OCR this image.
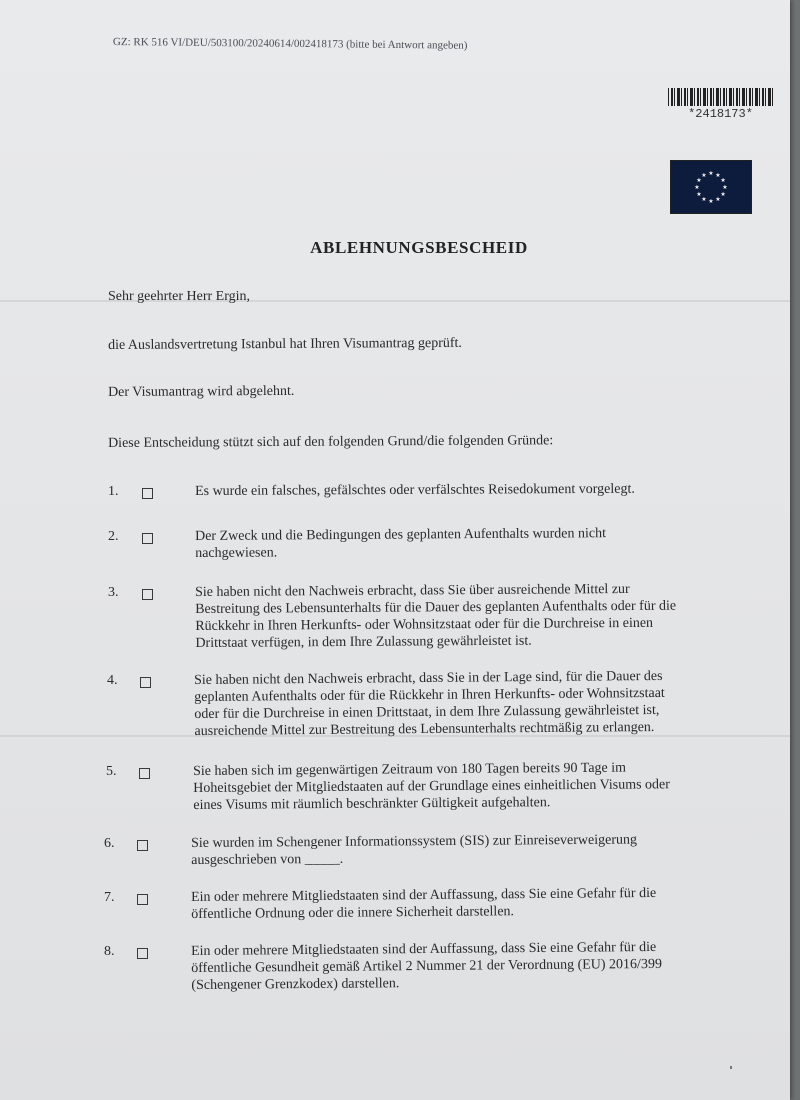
GZ: RK 516 VI/DEU/503100/20240614/002418173 (bitte bei Antwort angeben)
*2418173*
★
★
★
★
★
★
★
★
★ ★ ★
★
ABLEHNUNGSBESCHEID
Sehr geehrter Herr Ergin,
die Auslandsvertretung Istanbul hat Ihren Visumantrag geprüft.
Der Visumantrag wird abgelehnt.
Diese Entscheidung stützt sich auf den folgenden Grund/die folgenden Gründe:
1.	Es wurde ein falsches, gefälschtes oder verfälschtes Reisedokument vorgelegt.
2.	Der Zweck und die Bedingungen des geplanten Aufenthalts wurden nicht
nachgewiesen.
3.	Sie haben nicht den Nachweis erbracht, dass Sie über ausreichende Mittel zur
Bestreitung des Lebensunterhalts für die Dauer des geplanten Aufenthalts oder für die
Rückkehr in Ihren Herkunfts- oder Wohnsitzstaat oder für die Durchreise in einen
Drittstaat verfügen, in dem Ihre Zulassung gewährleistet ist.
4.	Sie haben nicht den Nachweis erbracht, dass Sie in der Lage sind, für die Dauer des
geplanten Aufenthalts oder für die Rückkehr in Ihren Herkunfts- oder Wohnsitzstaat
oder für die Durchreise in einen Drittstaat, in dem Ihre Zulassung gewährleistet ist,
ausreichende Mittel zur Bestreitung des Lebensunterhalts rechtmäßig zu erlangen.
5.	Sie haben sich im gegenwärtigen Zeitraum von 180 Tagen bereits 90 Tage im
Hoheitsgebiet der Mitgliedstaaten auf der Grundlage eines einheitlichen Visums oder
eines Visums mit räumlich beschränkter Gültigkeit aufgehalten.
6.	Sie wurden im Schengener Informationssystem (SIS) zur Einreiseverweigerung
ausgeschrieben von _____.
7.	Ein oder mehrere Mitgliedstaaten sind der Auffassung, dass Sie eine Gefahr für die
öffentliche Ordnung oder die innere Sicherheit darstellen.
8.	Ein oder mehrere Mitgliedstaaten sind der Auffassung, dass Sie eine Gefahr für die
öffentliche Gesundheit gemäß Artikel 2 Nummer 21 der Verordnung (EU) 2016/399
(Schengener Grenzkodex) darstellen.
